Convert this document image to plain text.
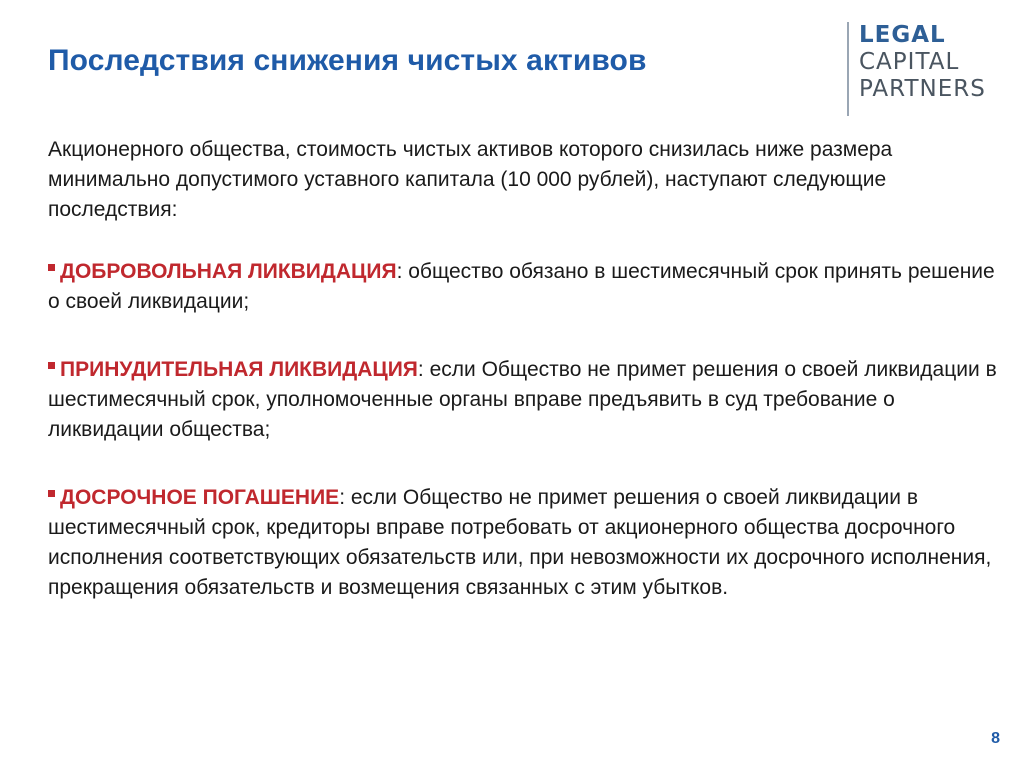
Последствия снижения чистых активов
LEGAL
CAPITAL
PARTNERS

Акционерного общества, стоимость чистых активов которого снизилась ниже размера минимально допустимого уставного капитала (10 000 рублей), наступают следующие последствия:

ДОБРОВОЛЬНАЯ ЛИКВИДАЦИЯ: общество обязано в шестимесячный срок принять решение о своей ликвидации;

ПРИНУДИТЕЛЬНАЯ ЛИКВИДАЦИЯ: если Общество не примет решения о своей ликвидации в шестимесячный срок, уполномоченные органы вправе предъявить в суд требование о ликвидации общества;

ДОСРОЧНОЕ ПОГАШЕНИЕ: если Общество не примет решения о своей ликвидации в шестимесячный срок, кредиторы вправе потребовать от акционерного общества досрочного исполнения соответствующих обязательств или, при невозможности их досрочного исполнения, прекращения обязательств и возмещения связанных с этим убытков.

8
